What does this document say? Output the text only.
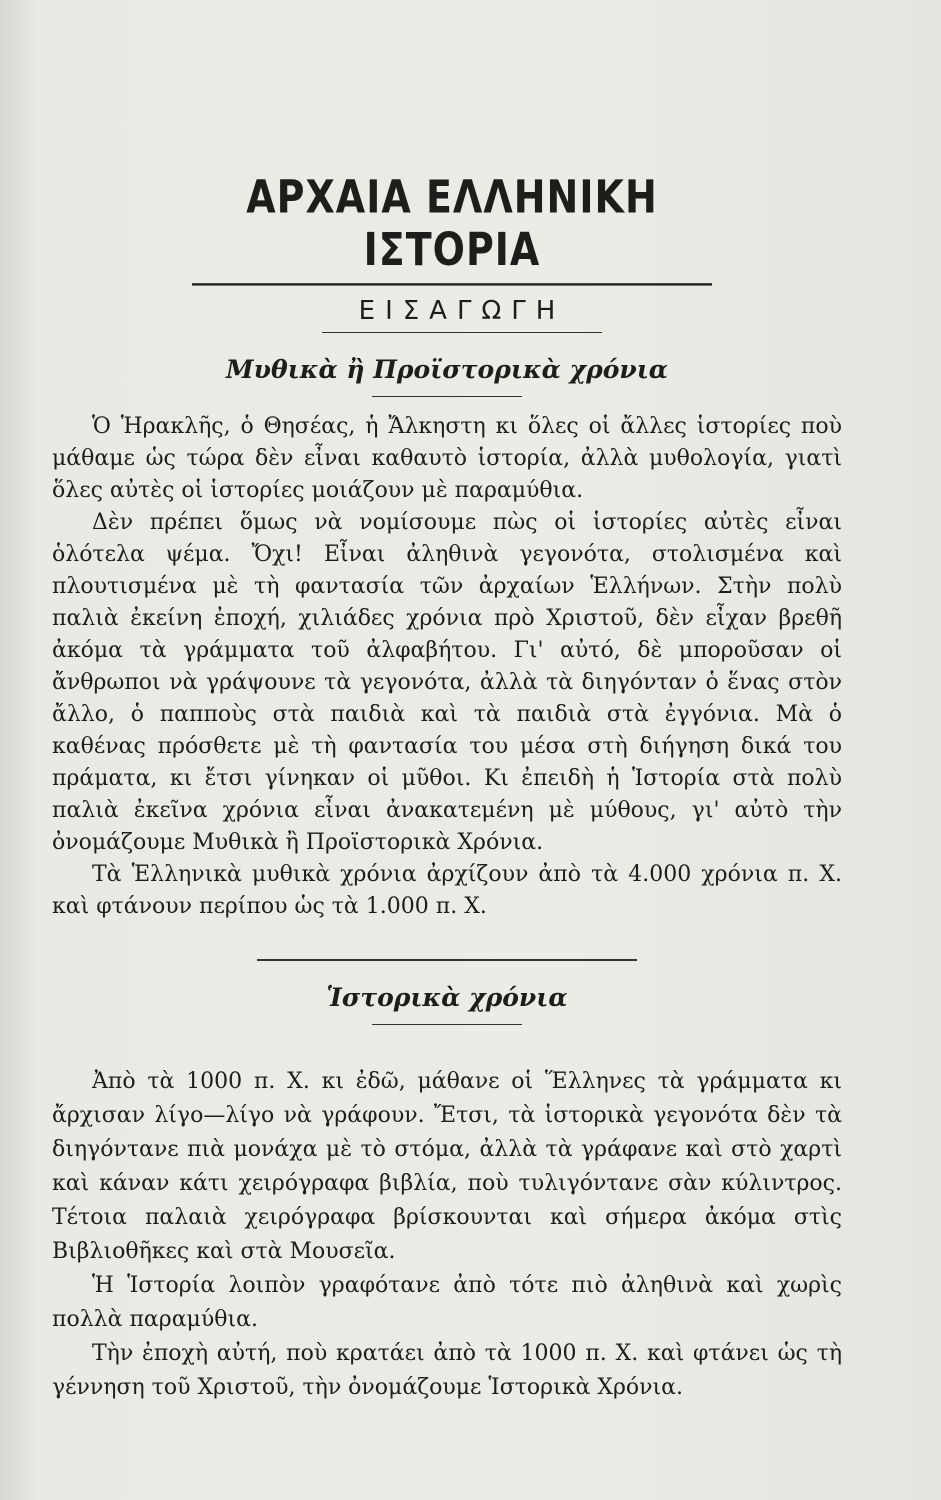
ΑΡΧΑΙΑ ΕΛΛΗΝΙΚΗ ΙΣΤΟΡΙΑ
ΕΙΣΑΓΩΓΗ
Μυθικὰ ἢ Προϊστορικὰ χρόνια

Ὁ Ἡρακλῆς, ὁ Θησέας, ἡ Ἄλκηστη κι ὅλες οἱ ἄλλες ἱστορίες ποὺ μάθαμε ὡς τώρα δὲν εἶναι καθαυτὸ ἱστορία, ἀλλὰ μυθολογία, γιατὶ ὅλες αὐτὲς οἱ ἱστορίες μοιάζουν μὲ παραμύθια.

Δὲν πρέπει ὅμως νὰ νομίσουμε πὼς οἱ ἱστορίες αὐτὲς εἶναι ὁλότελα ψέμα. Ὄχι! Εἶναι ἀληθινὰ γεγονότα, στολισμένα καὶ πλουτισμένα μὲ τὴ φαντασία τῶν ἀρχαίων Ἑλλήνων. Στὴν πολὺ παλιὰ ἐκείνη ἐποχή, χιλιάδες χρόνια πρὸ Χριστοῦ, δὲν εἶχαν βρεθῆ ἀκόμα τὰ γράμματα τοῦ ἀλφαβήτου. Γι' αὐτό, δὲ μποροῦσαν οἱ ἄνθρωποι νὰ γράψουνε τὰ γεγονότα, ἀλλὰ τὰ διηγόνταν ὁ ἕνας στὸν ἄλλο, ὁ παπποὺς στὰ παιδιὰ καὶ τὰ παιδιὰ στὰ ἐγγόνια. Μὰ ὁ καθένας πρόσθετε μὲ τὴ φαντασία του μέσα στὴ διήγηση δικά του πράματα, κι ἔτσι γίνηκαν οἱ μῦθοι. Κι ἐπειδὴ ἡ Ἱστορία στὰ πολὺ παλιὰ ἐκεῖνα χρόνια εἶναι ἀνακατεμένη μὲ μύθους, γι' αὐτὸ τὴν ὀνομάζουμε Μυθικὰ ἢ Προϊστορικὰ Χρόνια.

Τὰ Ἑλληνικὰ μυθικὰ χρόνια ἀρχίζουν ἀπὸ τὰ 4.000 χρόνια π. Χ. καὶ φτάνουν περίπου ὡς τὰ 1.000 π. Χ.

Ἱστορικὰ χρόνια

Ἀπὸ τὰ 1000 π. Χ. κι ἐδῶ, μάθανε οἱ Ἕλληνες τὰ γράμματα κι ἄρχισαν λίγο—λίγο νὰ γράφουν. Ἔτσι, τὰ ἱστορικὰ γεγονότα δὲν τὰ διηγόντανε πιὰ μονάχα μὲ τὸ στόμα, ἀλλὰ τὰ γράφανε καὶ στὸ χαρτὶ καὶ κάναν κάτι χειρόγραφα βιβλία, ποὺ τυλιγόντανε σὰν κύλιντρος. Τέτοια παλαιὰ χειρόγραφα βρίσκουνται καὶ σήμερα ἀκόμα στὶς Βιβλιοθῆκες καὶ στὰ Μουσεῖα.

Ἡ Ἱστορία λοιπὸν γραφότανε ἀπὸ τότε πιὸ ἀληθινὰ καὶ χωρὶς πολλὰ παραμύθια.

Τὴν ἐποχὴ αὐτή, ποὺ κρατάει ἀπὸ τὰ 1000 π. Χ. καὶ φτάνει ὡς τὴ γέννηση τοῦ Χριστοῦ, τὴν ὀνομάζουμε Ἱστορικὰ Χρόνια.
